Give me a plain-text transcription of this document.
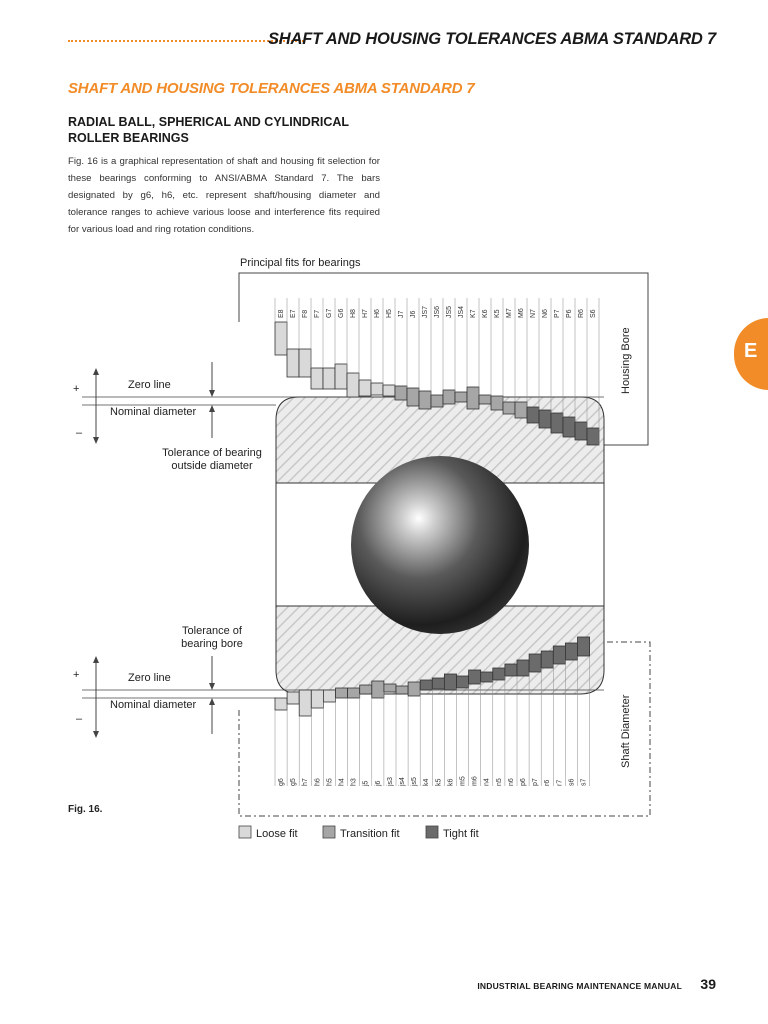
SHAFT AND HOUSING TOLERANCES ABMA STANDARD 7
SHAFT AND HOUSING TOLERANCES ABMA STANDARD 7
RADIAL BALL, SPHERICAL AND CYLINDRICAL ROLLER BEARINGS
Fig. 16 is a graphical representation of shaft and housing fit selection for these bearings conforming to ANSI/ABMA Standard 7. The bars designated by g6, h6, etc. represent shaft/housing diameter and tolerance ranges to achieve various loose and interference fits required for various load and ring rotation conditions.
E
Principal fits for bearings
Housing Bore
Zero line
Nominal diameter
+
–
Tolerance of bearing
outside diameter
E8 E7 F8 F7 G7 G6 H8 H7 H6 H5 J7 J6 JS7 JS6 JS5 JS4 K7 K6 K5 M7 M6 N7 N6 P7 P6 R6 S6
Zero line
Nominal diameter
+
–
Tolerance of
bearing bore
g6 g5 h7 h6 h5 h4 h3 j5 j6 js3 js4 js5 k4 k5 k6 m5 m6 n4 n5 n6 p6 p7 r6 r7 s6 s7
Shaft Diameter
Fig. 16.
Loose fit	Transition fit	Tight fit
INDUSTRIAL BEARING MAINTENANCE MANUAL 39
